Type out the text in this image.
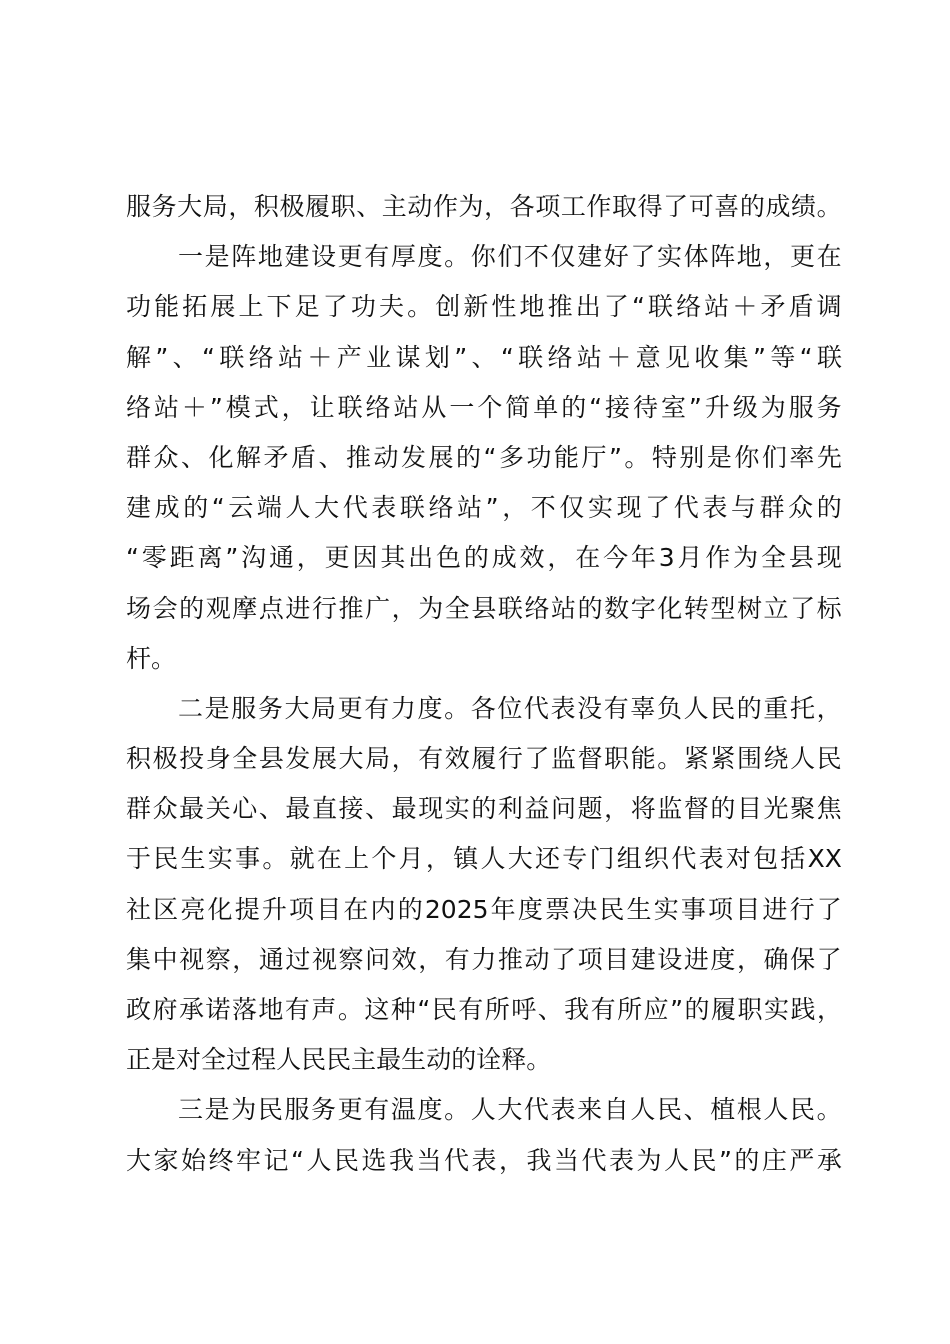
服 务 大 局 ， 积 极 履 职 、 主 动 作 为 ， 各 项 工 作 取 得 了 可 喜 的 成 绩 。
一 是 阵 地 建 设 更 有 厚 度 。 你 们 不 仅 建 好 了 实 体 阵 地 ， 更 在
功 能 拓 展 上 下 足 了 功 夫 。 创 新 性 地 推 出 了 “ 联 络 站 ＋ 矛 盾 调
解 ” 、 “ 联 络 站 ＋ 产 业 谋 划 ” 、 “ 联 络 站 ＋ 意 见 收 集 ” 等 “ 联
络 站 ＋ ” 模 式 ， 让 联 络 站 从 一 个 简 单 的 “ 接 待 室 ” 升 级 为 服 务
群 众 、 化 解 矛 盾 、 推 动 发 展 的 “ 多 功 能 厅 ” 。 特 别 是 你 们 率 先
建 成 的 “ 云 端 人 大 代 表 联 络 站 ” ， 不 仅 实 现 了 代 表 与 群 众 的
“ 零 距 离 ” 沟 通 ， 更 因 其 出 色 的 成 效 ， 在 今 年 3 月 作 为 全 县 现
场 会 的 观 摩 点 进 行 推 广 ， 为 全 县 联 络 站 的 数 字 化 转 型 树 立 了 标
杆 。
二 是 服 务 大 局 更 有 力 度 。 各 位 代 表 没 有 辜 负 人 民 的 重 托 ，
积 极 投 身 全 县 发 展 大 局 ， 有 效 履 行 了 监 督 职 能 。 紧 紧 围 绕 人 民
群 众 最 关 心 、 最 直 接 、 最 现 实 的 利 益 问 题 ， 将 监 督 的 目 光 聚 焦
于 民 生 实 事 。 就 在 上 个 月 ， 镇 人 大 还 专 门 组 织 代 表 对 包 括 XX
社 区 亮 化 提 升 项 目 在 内 的 2025 年 度 票 决 民 生 实 事 项 目 进 行 了
集 中 视 察 ， 通 过 视 察 问 效 ， 有 力 推 动 了 项 目 建 设 进 度 ， 确 保 了
政 府 承 诺 落 地 有 声 。 这 种 “ 民 有 所 呼 、 我 有 所 应 ” 的 履 职 实 践 ，
正 是 对 全 过 程 人 民 民 主 最 生 动 的 诠 释 。
三 是 为 民 服 务 更 有 温 度 。 人 大 代 表 来 自 人 民 、 植 根 人 民 。
大 家 始 终 牢 记 “ 人 民 选 我 当 代 表 ， 我 当 代 表 为 人 民 ” 的 庄 严 承
